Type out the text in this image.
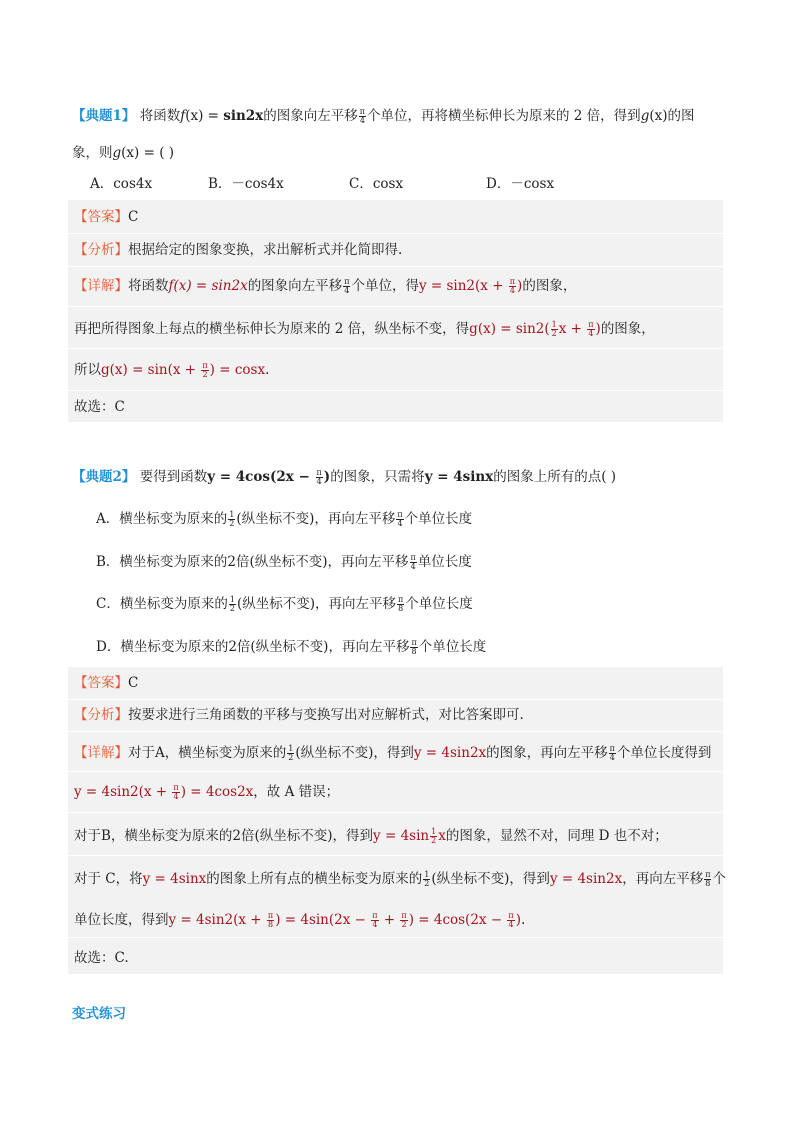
【典题1】 将函数f(x) = sin2x的图象向左平移 $\frac{\pi}{4}$ 个单位，再将横坐标伸长为原来的 2 倍，得到g(x)的图
象，则g(x) = ( )
A．cos4x	B．－cos4x	C．cosx	D．－cosx
【答案】C
【分析】根据给定的图象变换，求出解析式并化简即得.
【详解】将函数f(x) = sin2x的图象向左平移 $\frac{\pi}{4}$ 个单位，得$y = \sin 2(x + \frac{\pi}{4}$ )的图象，
再把所得图象上每点的横坐标伸长为原来的 2 倍，纵坐标不变，得$g(x) = \sin 2( \frac{1}{2}$ $x + \frac{\pi}{4}$ )的图象，
所以$g(x) = \sin(x + \frac{\pi}{2}$ ) = cosx.
故选：C
【典题2】 要得到函数$y = 4\cos(2x - \frac{\pi}{4}$ )的图象，只需将y = 4sinx的图象上所有的点( )
A．横坐标变为原来的 $\frac{1}{2}$ (纵坐标不变)，再向左平移 $\frac{\pi}{4}$ 个单位长度
B．横坐标变为原来的2倍(纵坐标不变)，再向左平移 $\frac{\pi}{4}$ 单位长度
C．横坐标变为原来的 $\frac{1}{2}$ (纵坐标不变)，再向左平移 $\frac{\pi}{8}$ 个单位长度
D．横坐标变为原来的2倍(纵坐标不变)，再向左平移 $\frac{\pi}{8}$ 个单位长度
【答案】C
【分析】按要求进行三角函数的平移与变换写出对应解析式，对比答案即可.
【详解】对于A，横坐标变为原来的 $\frac{1}{2}$ (纵坐标不变)，得到y = 4sin2x的图象，再向左平移 $\frac{\pi}{4}$ 个单位长度得到
$y = 4\sin 2(x + \frac{\pi}{4}$ ) = 4cos2x，故 A 错误；
对于B，横坐标变为原来的2倍(纵坐标不变)，得到$y = 4\sin \frac{1}{2}$ x的图象，显然不对，同理 D 也不对；
对于 C，将y = 4sinx的图象上所有点的横坐标变为原来的 $\frac{1}{2}$ (纵坐标不变)，得到y = 4sin2x，再向左平移 $\frac{\pi}{8}$ 个
单位长度，得到$y = 4\sin 2(x + \frac{\pi}{8}$ ) = $4\sin(2x - \frac{\pi}{4} + \frac{\pi}{2}$ ) = $4\cos(2x - \frac{\pi}{4}$ ).
故选：C.
变式练习
